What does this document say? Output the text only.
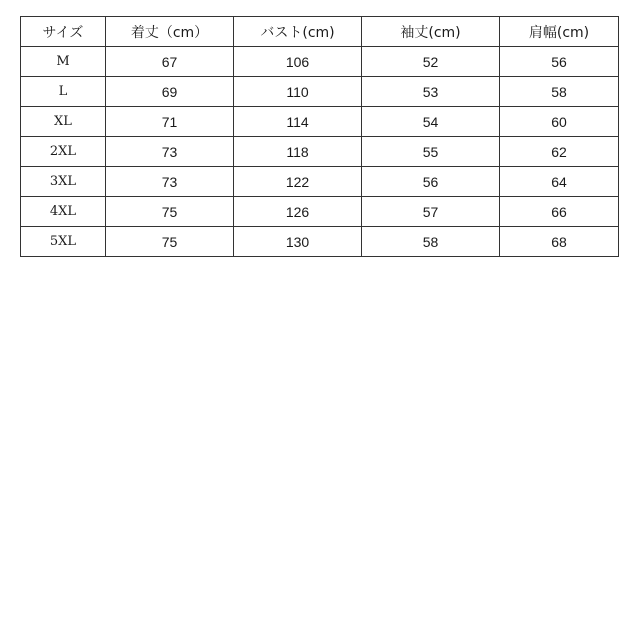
サイズ	着丈（cm）	バスト(cm)	袖丈(cm)	肩幅(cm)
M	67	106	52	56
L	69	110	53	58
XL	71	114	54	60
2XL	73	118	55	62
3XL	73	122	56	64
4XL	75	126	57	66
5XL	75	130	58	68
